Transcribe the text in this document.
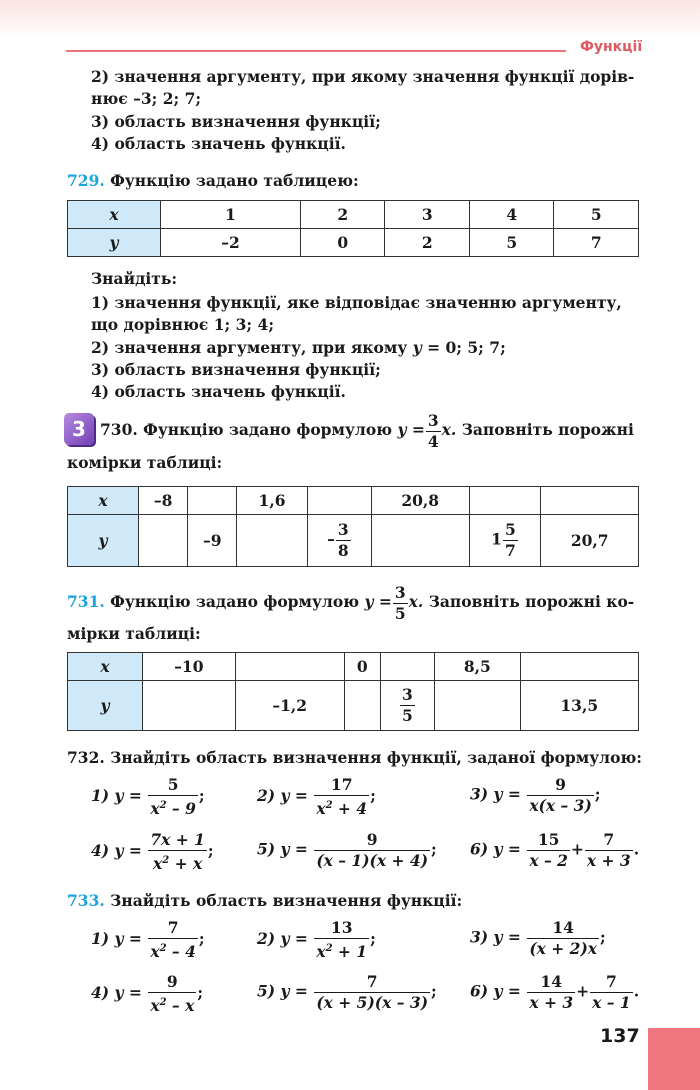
Функції
2) значення аргументу, при якому значення функції дорів-
нює –3; 2; 7;
3) область визначення функції;
4) область значень функції.
729. Функцію задано таблицею:
x	1	2	3	4	5
y	–2	0	2	5	7
Знайдіть:
1) значення функції, яке відповідає значенню аргументу,
що дорівнює 1; 3; 4;
2) значення аргументу, при якому y = 0; 5; 7;
3) область визначення функції;
4) область значень функції.
3 730. Функцію задано формулою $y = \frac{3}{4} x$. Заповніть порожні
комірки таблиці:
x	–8		1,6		20,8		
y		–9		– $\frac{3}{8}$		$1 \frac{5}{7}$	20,7
731. Функцію задано формулою $y = \frac{3}{5} x$. Заповніть порожні ко-
мірки таблиці:
x	–10		0		8,5	
y		–1,2		$\frac{3}{5}$		13,5
732. Знайдіть область визначення функції, заданої формулою:
1) $y = \frac{5}{x^2 - 9}$ ;	2) $y = \frac{17}{x^2 + 4}$ ;	3) $y = \frac{9}{x(x - 3)}$ ;
4) $y = \frac{7x + 1}{x^2 + x}$ ;	5) $y = \frac{9}{(x - 1)(x + 4)}$ ; 6) $y = \frac{15}{x - 2} + \frac{7}{x + 3}$ .
733. Знайдіть область визначення функції:
1) $y = \frac{7}{x^2 - 4}$ ;	2) $y = \frac{13}{x^2 + 1}$ ;	3) $y = \frac{14}{(x + 2)x}$ ;
4) $y = \frac{9}{x^2 - x}$ ;	5) $y = \frac{7}{(x + 5)(x - 3)}$ ; 6) $y = \frac{14}{x + 3} + \frac{7}{x - 1}$ .
137
